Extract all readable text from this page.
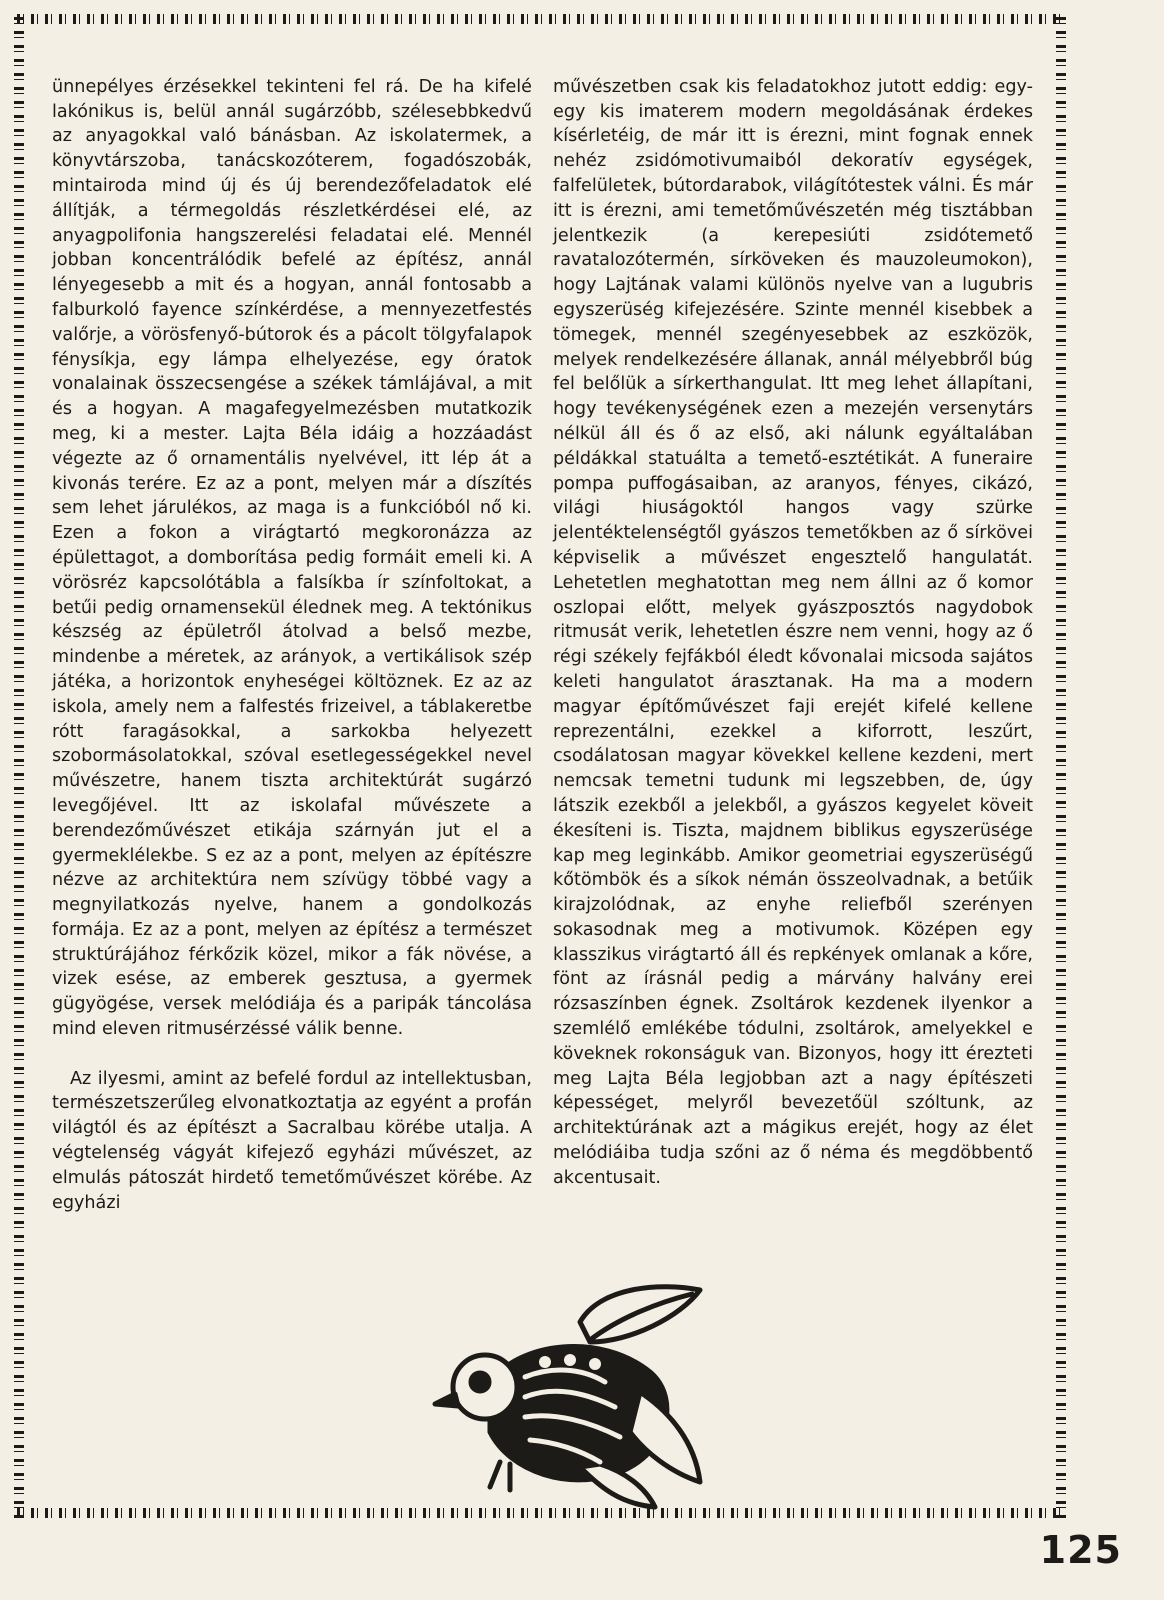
ünnepélyes érzésekkel tekinteni fel rá. De ha kifelé lakónikus is, belül annál sugárzóbb, szélesebbkedvű az anyagokkal való bánásban. Az iskolatermek, a könyvtárszoba, tanácskozóterem, fogadószobák, mintairoda mind új és új berendezőfeladatok elé állítják, a térmegoldás részletkérdései elé, az anyagpolifonia hangszerelési feladatai elé. Mennél jobban koncentrálódik befelé az építész, annál lényegesebb a mit és a hogyan, annál fontosabb a falburkoló fayence színkérdése, a mennyezetfestés valőrje, a vörösfenyő-bútorok és a pácolt tölgyfalapok fénysíkja, egy lámpa elhelyezése, egy óratok vonalainak összecsengése a székek támlájával, a mit és a hogyan. A magafegyelmezésben mutatkozik meg, ki a mester. Lajta Béla idáig a hozzáadást végezte az ő ornamentális nyelvével, itt lép át a kivonás terére. Ez az a pont, melyen már a díszítés sem lehet járulékos, az maga is a funkcióból nő ki. Ezen a fokon a virágtartó megkoronázza az épülettagot, a domborítása pedig formáit emeli ki. A vörösréz kapcsolótábla a falsíkba ír színfoltokat, a betűi pedig ornamensekül élednek meg. A tektónikus készség az épületről átolvad a belső mezbe, mindenbe a méretek, az arányok, a vertikálisok szép játéka, a horizontok enyheségei költöznek. Ez az az iskola, amely nem a falfestés frizeivel, a táblakeretbe rótt faragásokkal, a sarkokba helyezett szobormásolatokkal, szóval esetlegességekkel nevel művészetre, hanem tiszta architektúrát sugárzó levegőjével. Itt az iskolafal művészete a berendezőművészet etikája szárnyán jut el a gyermeklélekbe. S ez az a pont, melyen az építészre nézve az architektúra nem szívügy többé vagy a megnyilatkozás nyelve, hanem a gondolkozás formája. Ez az a pont, melyen az építész a természet struktúrájához férkőzik közel, mikor a fák növése, a vizek esése, az emberek gesztusa, a gyermek gügyögése, versek melódiája és a paripák táncolása mind eleven ritmusérzéssé válik benne.

Az ilyesmi, amint az befelé fordul az intellektusban, természetszerűleg elvonatkoztatja az egyént a profán világtól és az építészt a Sacralbau körébe utalja. A végtelenség vágyát kifejező egyházi művészet, az elmulás pátoszát hirdető temetőművészet körébe. Az egyházi

művészetben csak kis feladatokhoz jutott eddig: egy-egy kis imaterem modern megoldásának érdekes kísérletéig, de már itt is érezni, mint fognak ennek nehéz zsidómotivumaiból dekoratív egységek, falfelületek, bútordarabok, világítótestek válni. És már itt is érezni, ami temetőművészetén még tisztábban jelentkezik (a kerepesiúti zsidótemető ravatalozótermén, sírköveken és mauzoleumokon), hogy Lajtának valami különös nyelve van a lugubris egyszerüség kifejezésére. Szinte mennél kisebbek a tömegek, mennél szegényesebbek az eszközök, melyek rendelkezésére állanak, annál mélyebbről búg fel belőlük a sírkerthangulat. Itt meg lehet állapítani, hogy tevékenységének ezen a mezején versenytárs nélkül áll és ő az első, aki nálunk egyáltalában példákkal statuálta a temető-esztétikát. A funeraire pompa puffogásaiban, az aranyos, fényes, cikázó, világi hiuságoktól hangos vagy szürke jelentéktelenségtől gyászos temetőkben az ő sírkövei képviselik a művészet engesztelő hangulatát. Lehetetlen meghatottan meg nem állni az ő komor oszlopai előtt, melyek gyászposztós nagydobok ritmusát verik, lehetetlen észre nem venni, hogy az ő régi székely fejfákból éledt kővonalai micsoda sajátos keleti hangulatot árasztanak. Ha ma a modern magyar építőművészet faji erejét kifelé kellene reprezentálni, ezekkel a kiforrott, leszűrt, csodálatosan magyar kövekkel kellene kezdeni, mert nemcsak temetni tudunk mi legszebben, de, úgy látszik ezekből a jelekből, a gyászos kegyelet köveit ékesíteni is. Tiszta, majdnem biblikus egyszerüsége kap meg leginkább. Amikor geometriai egyszerüségű kőtömbök és a síkok némán összeolvadnak, a betűik kirajzolódnak, az enyhe reliefből szerényen sokasodnak meg a motivumok. Középen egy klasszikus virágtartó áll és repkények omlanak a kőre, fönt az írásnál pedig a márvány halvány erei rózsaszínben égnek. Zsoltárok kezdenek ilyenkor a szemlélő emlékébe tódulni, zsoltárok, amelyekkel e köveknek rokonságuk van. Bizonyos, hogy itt érezteti meg Lajta Béla legjobban azt a nagy építészeti képességet, melyről bevezetőül szóltunk, az architektúrának azt a mágikus erejét, hogy az élet melódiáiba tudja szőni az ő néma és megdöbbentő akcentusait.

125
